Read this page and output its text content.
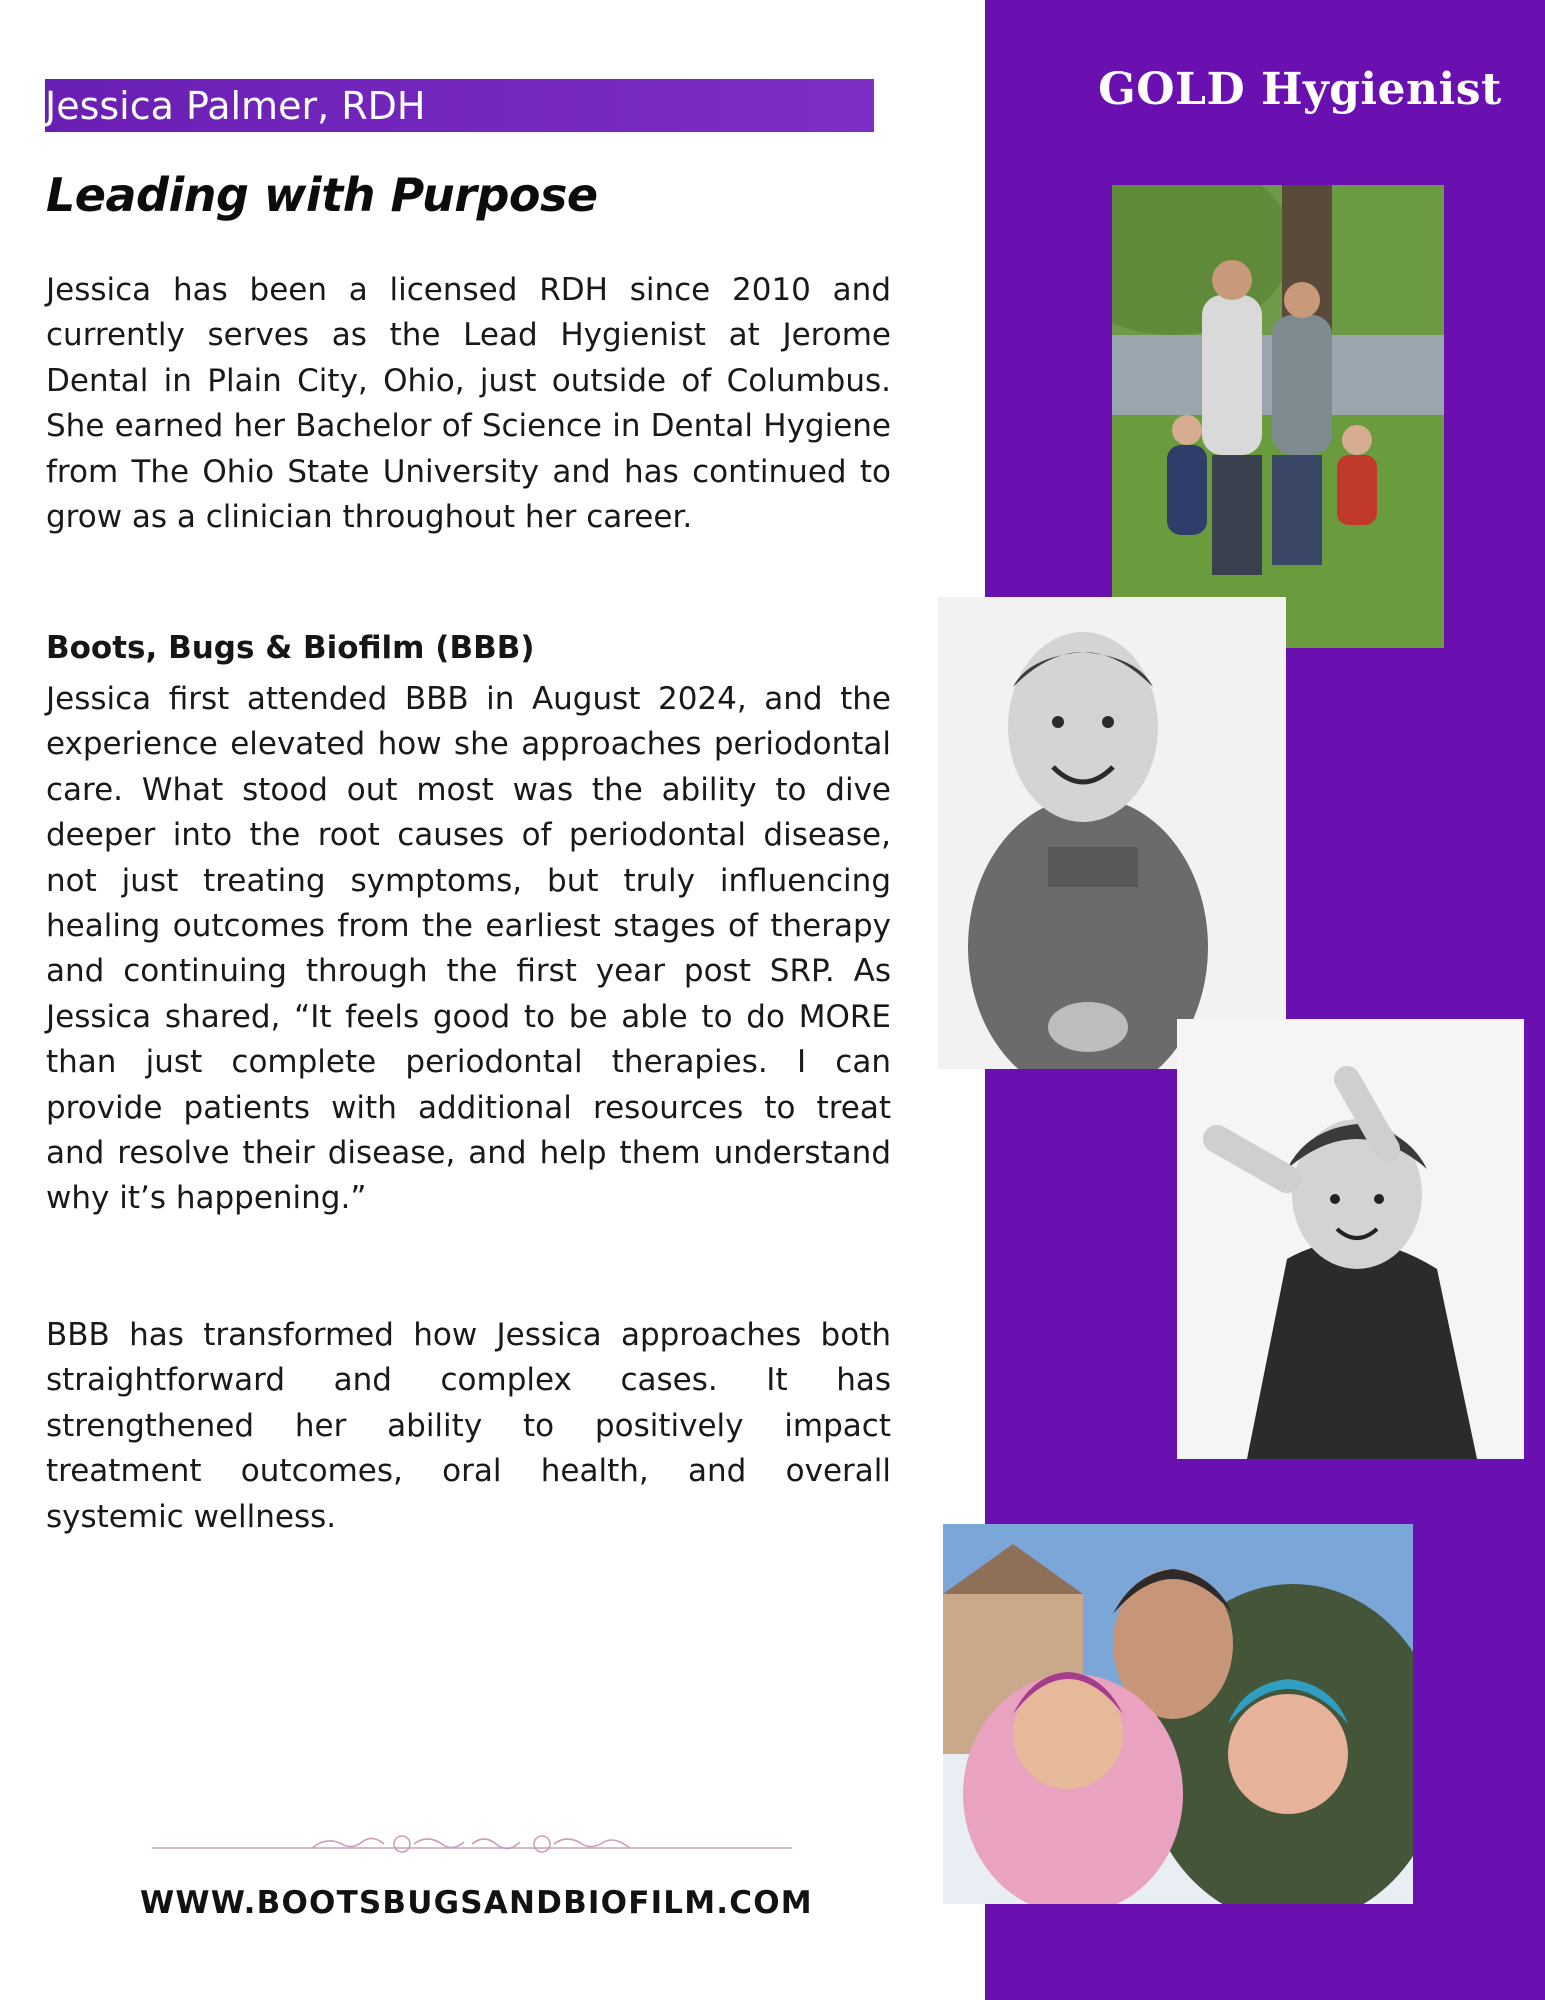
GOLD Hygienist
Jessica Palmer, RDH
Leading with Purpose
Jessica has been a licensed RDH since 2010 and currently serves as the Lead Hygienist at Jerome Dental in Plain City, Ohio, just outside of Columbus. She earned her Bachelor of Science in Dental Hygiene from The Ohio State University and has continued to grow as a clinician throughout her career.
Boots, Bugs & Biofilm (BBB)
Jessica first attended BBB in August 2024, and the experience elevated how she approaches periodontal care. What stood out most was the ability to dive deeper into the root causes of periodontal disease, not just treating symptoms, but truly influencing healing outcomes from the earliest stages of therapy and continuing through the first year post SRP. As Jessica shared, “It feels good to be able to do MORE than just complete periodontal therapies. I can provide patients with additional resources to treat and resolve their disease, and help them understand why it’s happening.”
BBB has transformed how Jessica approaches both straightforward and complex cases. It has strengthened her ability to positively impact treatment outcomes, oral health, and overall systemic wellness.
WWW.BOOTSBUGSANDBIOFILM.COM
